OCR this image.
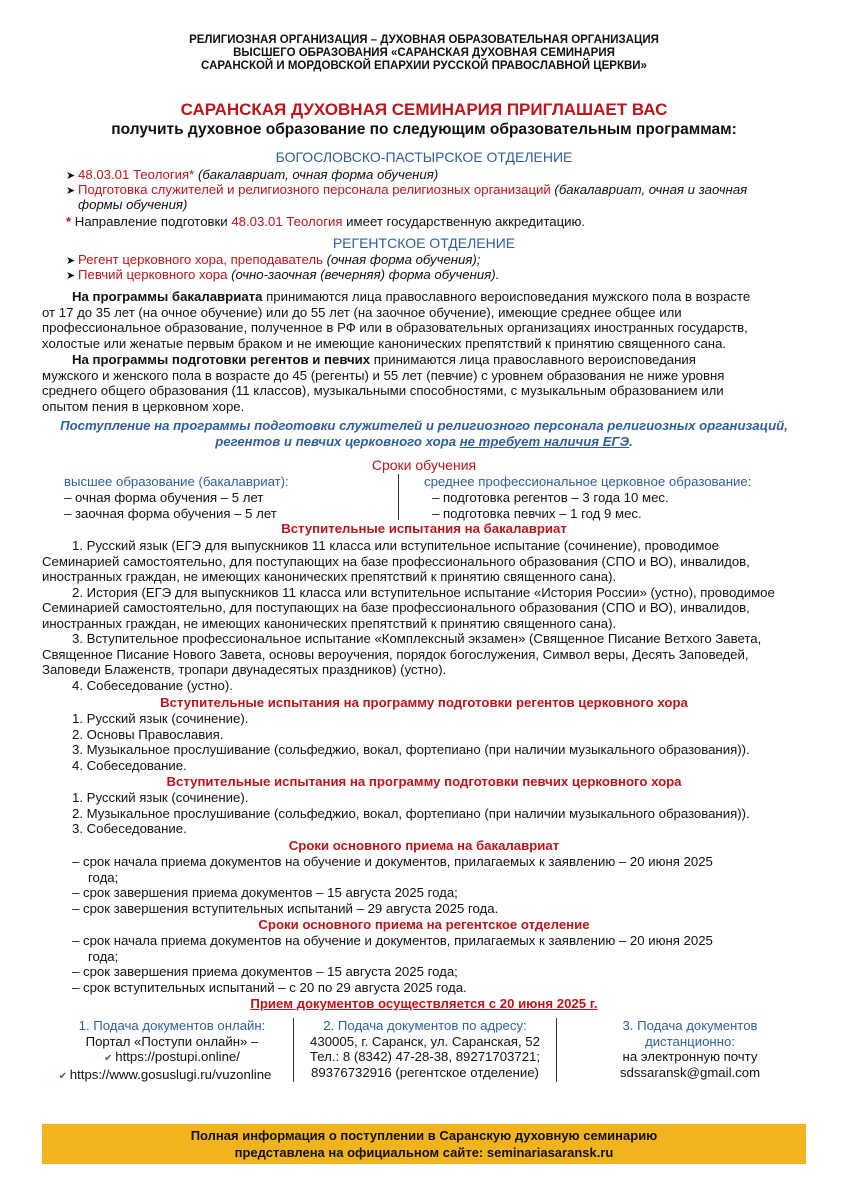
РЕЛИГИОЗНАЯ ОРГАНИЗАЦИЯ – ДУХОВНАЯ ОБРАЗОВАТЕЛЬНАЯ ОРГАНИЗАЦИЯ
ВЫСШЕГО ОБРАЗОВАНИЯ «САРАНСКАЯ ДУХОВНАЯ СЕМИНАРИЯ
САРАНСКОЙ И МОРДОВСКОЙ ЕПАРХИИ РУССКОЙ ПРАВОСЛАВНОЙ ЦЕРКВИ»
САРАНСКАЯ ДУХОВНАЯ СЕМИНАРИЯ ПРИГЛАШАЕТ ВАС
получить духовное образование по следующим образовательным программам:
БОГОСЛОВСКО-ПАСТЫРСКОЕ ОТДЕЛЕНИЕ
➤ 48.03.01 Теология* (бакалавриат, очная форма обучения)
➤ Подготовка служителей и религиозного персонала религиозных организаций (бакалавриат, очная и заочная
формы обучения)
* Направление подготовки 48.03.01 Теология имеет государственную аккредитацию.
РЕГЕНТСКОЕ ОТДЕЛЕНИЕ
➤ Регент церковного хора, преподаватель (очная форма обучения);
➤ Певчий церковного хора (очно-заочная (вечерняя) форма обучения).
На программы бакалавриата принимаются лица православного вероисповедания мужского пола в возрасте
от 17 до 35 лет (на очное обучение) или до 55 лет (на заочное обучение), имеющие среднее общее или
профессиональное образование, полученное в РФ или в образовательных организациях иностранных государств,
холостые или женатые первым браком и не имеющие канонических препятствий к принятию священного сана.
На программы подготовки регентов и певчих принимаются лица православного вероисповедания
мужского и женского пола в возрасте до 45 (регенты) и 55 лет (певчие) с уровнем образования не ниже уровня
среднего общего образования (11 классов), музыкальными способностями, с музыкальным образованием или
опытом пения в церковном хоре.
Поступление на программы подготовки служителей и религиозного персонала религиозных организаций,
регентов и певчих церковного хора не требует наличия ЕГЭ.
Сроки обучения
высшее образование (бакалавриат):
– очная форма обучения – 5 лет
– заочная форма обучения – 5 лет
среднее профессиональное церковное образование:
– подготовка регентов – 3 года 10 мес.
– подготовка певчих – 1 год 9 мес.
Вступительные испытания на бакалавриат
1. Русский язык (ЕГЭ для выпускников 11 класса или вступительное испытание (сочинение), проводимое
Семинарией самостоятельно, для поступающих на базе профессионального образования (СПО и ВО), инвалидов,
иностранных граждан, не имеющих канонических препятствий к принятию священного сана).
2. История (ЕГЭ для выпускников 11 класса или вступительное испытание «История России» (устно), проводимое
Семинарией самостоятельно, для поступающих на базе профессионального образования (СПО и ВО), инвалидов,
иностранных граждан, не имеющих канонических препятствий к принятию священного сана).
3. Вступительное профессиональное испытание «Комплексный экзамен» (Священное Писание Ветхого Завета,
Священное Писание Нового Завета, основы вероучения, порядок богослужения, Символ веры, Десять Заповедей,
Заповеди Блаженств, тропари двунадесятых праздников) (устно).
4. Собеседование (устно).
Вступительные испытания на программу подготовки регентов церковного хора
1. Русский язык (сочинение).
2. Основы Православия.
3. Музыкальное прослушивание (сольфеджио, вокал, фортепиано (при наличии музыкального образования)).
4. Собеседование.
Вступительные испытания на программу подготовки певчих церковного хора
1. Русский язык (сочинение).
2. Музыкальное прослушивание (сольфеджио, вокал, фортепиано (при наличии музыкального образования)).
3. Собеседование.
Сроки основного приема на бакалавриат
– срок начала приема документов на обучение и документов, прилагаемых к заявлению – 20 июня 2025
года;
– срок завершения приема документов – 15 августа 2025 года;
– срок завершения вступительных испытаний – 29 августа 2025 года.
Сроки основного приема на регентское отделение
– срок начала приема документов на обучение и документов, прилагаемых к заявлению – 20 июня 2025
года;
– срок завершения приема документов – 15 августа 2025 года;
– срок вступительных испытаний – с 20 по 29 августа 2025 года.
Прием документов осуществляется с 20 июня 2025 г.
1. Подача документов онлайн:
Портал «Поступи онлайн» –
✔ https://postupi.online/
✔ https://www.gosuslugi.ru/vuzonline
2. Подача документов по адресу:
430005, г. Саранск, ул. Саранская, 52
Тел.: 8 (8342) 47-28-38, 89271703721;
89376732916 (регентское отделение)
3. Подача документов
дистанционно:
на электронную почту
sdssaransk@gmail.com
Полная информация о поступлении в Саранскую духовную семинарию
представлена на официальном сайте: seminariasaransk.ru
